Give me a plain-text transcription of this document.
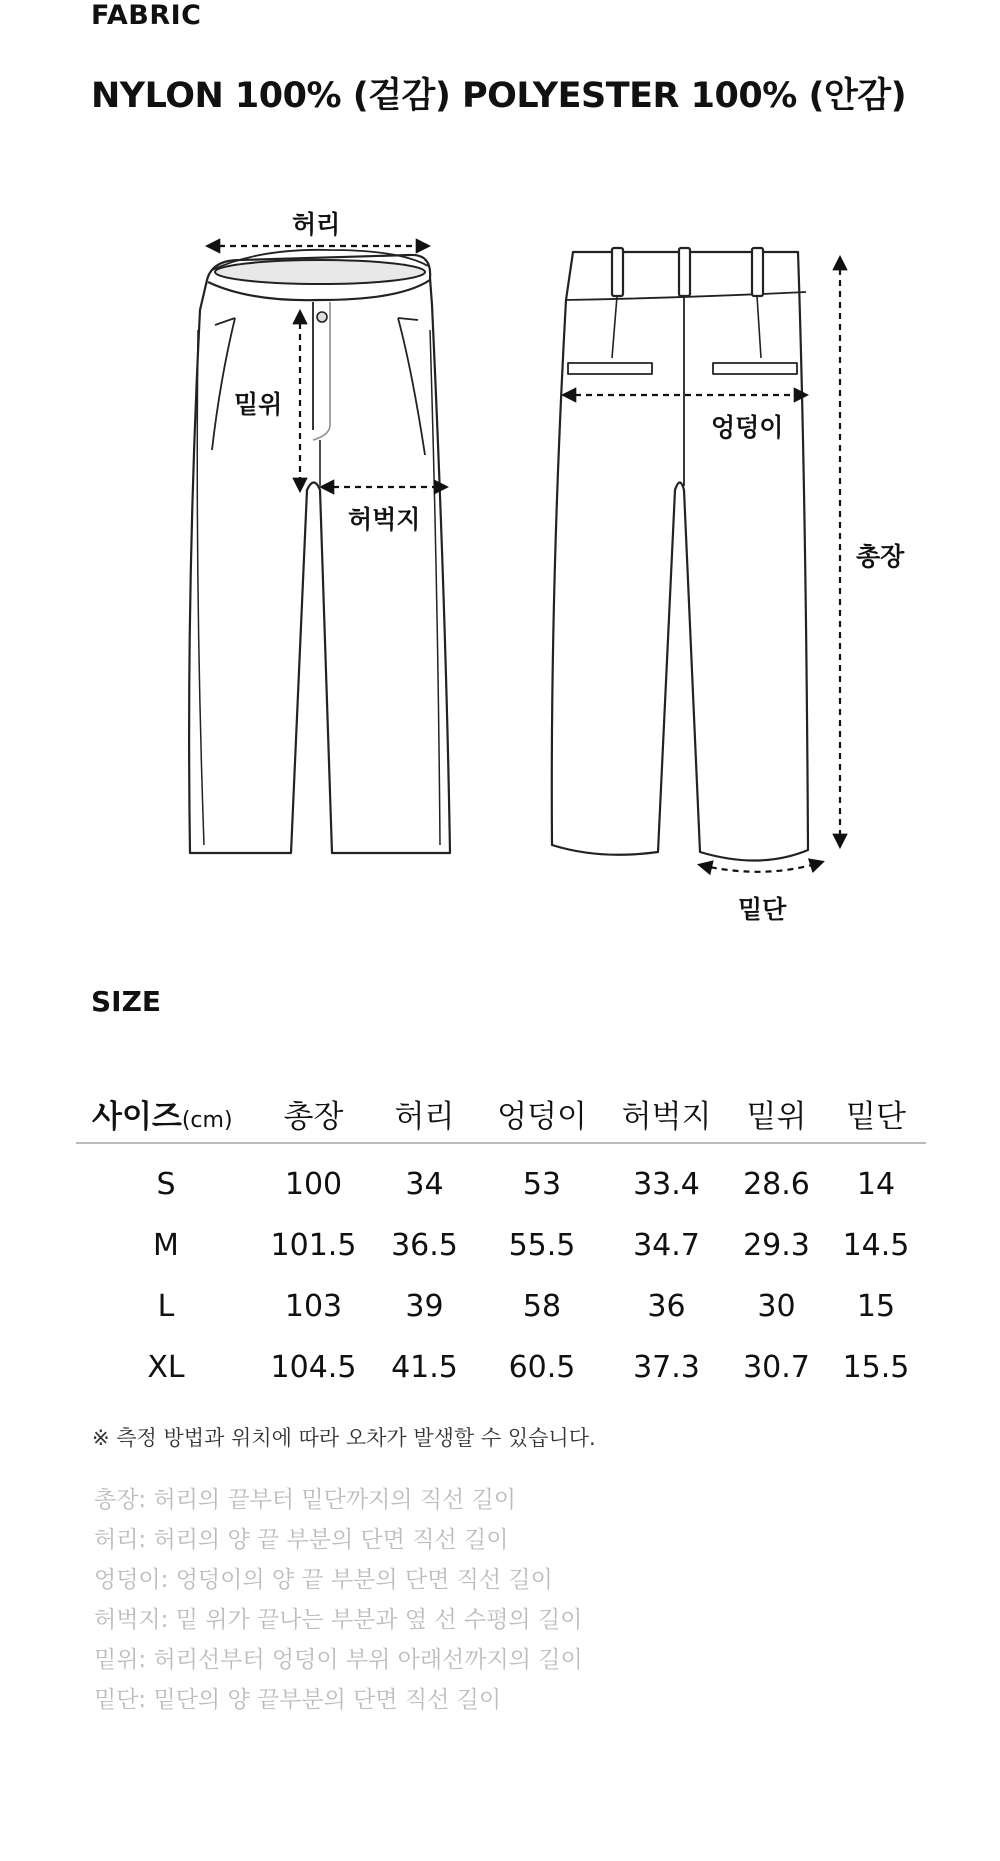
FABRIC
NYLON 100% (겉감) POLYESTER 100% (안감)
허리
밑위
허벅지
엉덩이
총장
밑단
SIZE
사이즈(cm)	총장	허리	엉덩이	허벅지	밑위	밑단
S	100	34	53	33.4	28.6	14
M	101.5	36.5	55.5	34.7	29.3	14.5
L	103	39	58	36	30	15
XL	104.5	41.5	60.5	37.3	30.7	15.5
※ 측정 방법과 위치에 따라 오차가 발생할 수 있습니다.
총장: 허리의 끝부터 밑단까지의 직선 길이
허리: 허리의 양 끝 부분의 단면 직선 길이
엉덩이: 엉덩이의 양 끝 부분의 단면 직선 길이
허벅지: 밑 위가 끝나는 부분과 옆 선 수평의 길이
밑위: 허리선부터 엉덩이 부위 아래선까지의 길이
밑단: 밑단의 양 끝부분의 단면 직선 길이
